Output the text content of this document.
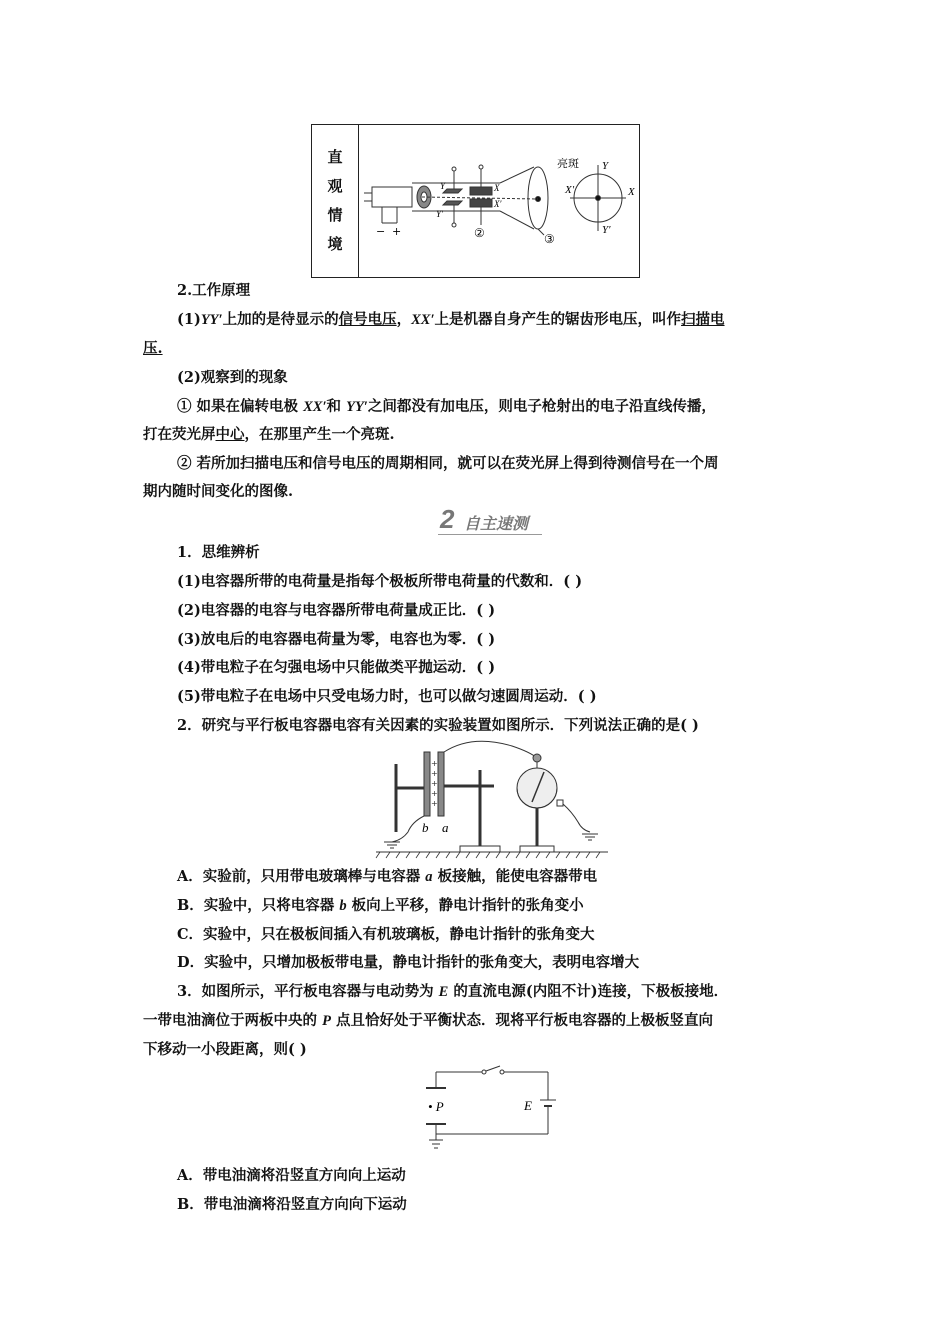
直
观
情
境
亮斑 Y
Y′
X
X′
Y
Y′
X
X′
− +	②	③
2.工作原理
(1)YY′上加的是待显示的信号电压，XX′上是机器自身产生的锯齿形电压，叫作扫描电
压.
(2)观察到的现象
① 如果在偏转电极 XX′和 YY′之间都没有加电压，则电子枪射出的电子沿直线传播，
打在荧光屏中心，在那里产生一个亮斑.
② 若所加扫描电压和信号电压的周期相同，就可以在荧光屏上得到待测信号在一个周
期内随时间变化的图像.
2 自主速测
1．思维辨析
(1)电容器所带的电荷量是指每个极板所带电荷量的代数和．( )
(2)电容器的电容与电容器所带电荷量成正比．( )
(3)放电后的电容器电荷量为零，电容也为零．( )
(4)带电粒子在匀强电场中只能做类平抛运动．( )
(5)带电粒子在电场中只受电场力时，也可以做匀速圆周运动．( )
2．研究与平行板电容器电容有关因素的实验装置如图所示．下列说法正确的是( )
+
+
+
+
+
b a
A．实验前，只用带电玻璃棒与电容器 a 板接触，能使电容器带电
B．实验中，只将电容器 b 板向上平移，静电计指针的张角变小
C．实验中，只在极板间插入有机玻璃板，静电计指针的张角变大
D．实验中，只增加极板带电量，静电计指针的张角变大，表明电容增大
3．如图所示，平行板电容器与电动势为 E 的直流电源(内阻不计)连接，下极板接地．
一带电油滴位于两板中央的 P 点且恰好处于平衡状态．现将平行板电容器的上极板竖直向
下移动一小段距离，则( )
• P	E
A．带电油滴将沿竖直方向向上运动
B．带电油滴将沿竖直方向向下运动
